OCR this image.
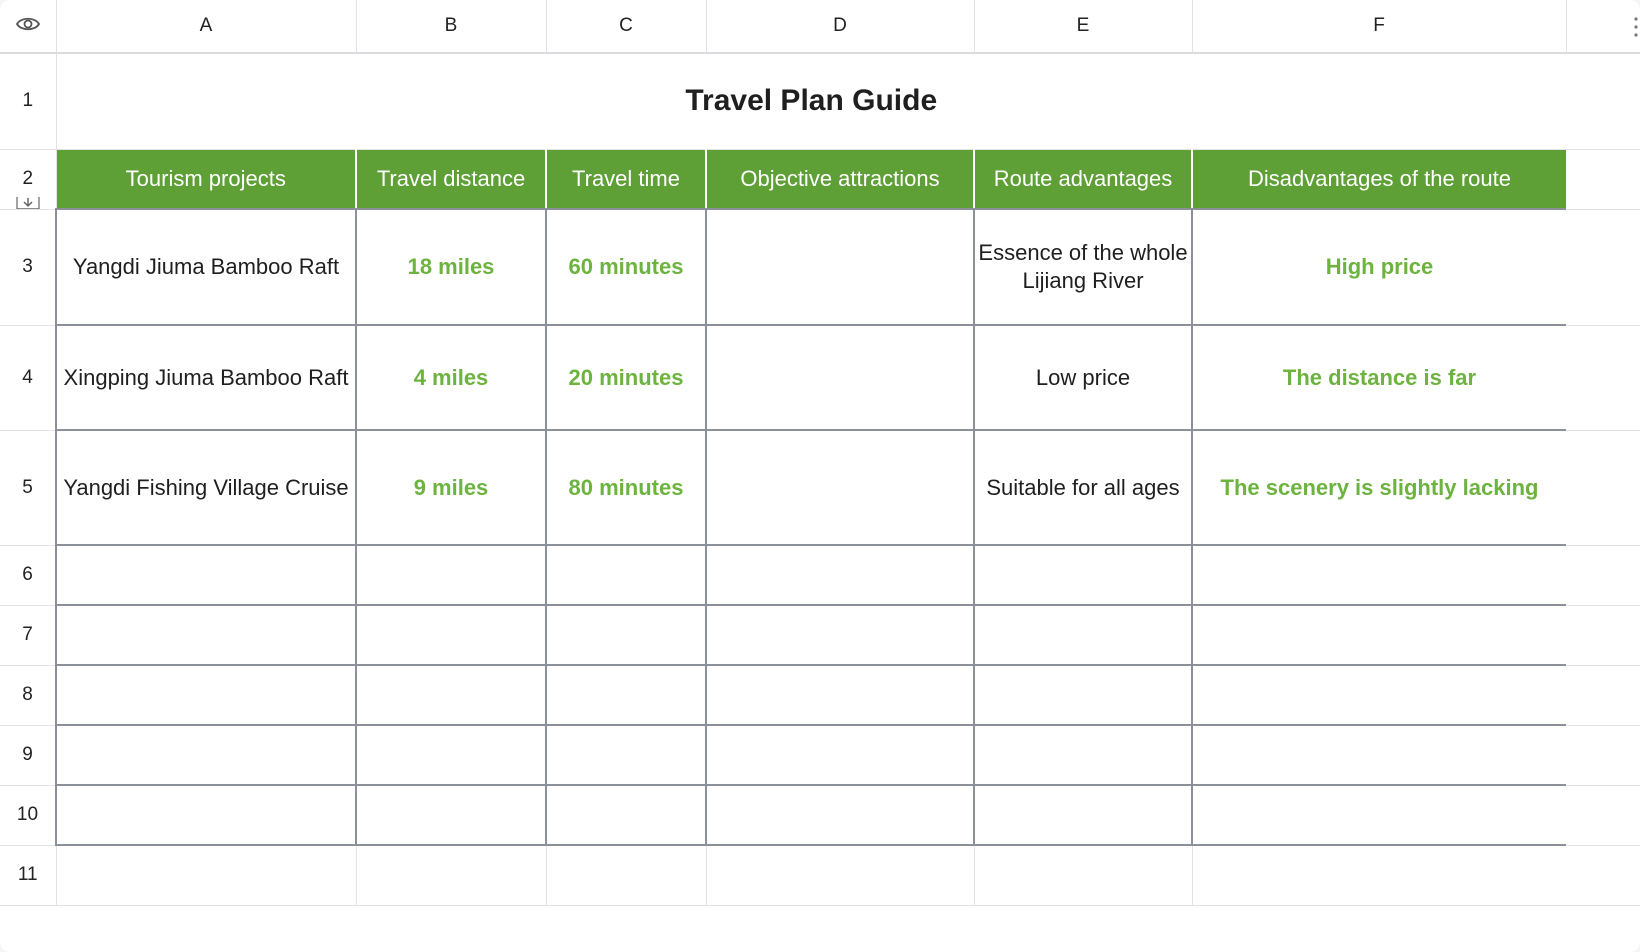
	A	B	C	D	E	F	

1	Travel Plan Guide						
2	Tourism projects	Travel distance	Travel time	Objective attractions	Route advantages	Disadvantages of the route	
3	Yangdi Jiuma Bamboo Raft	18 miles	60 minutes		Essence of the whole Lijiang River	High price	
4	Xingping Jiuma Bamboo Raft	4 miles	20 minutes		Low price	The distance is far	
5	Yangdi Fishing Village Cruise	9 miles	80 minutes		Suitable for all ages	The scenery is slightly lacking	
6							
7							
8							
9							
10							
11							
